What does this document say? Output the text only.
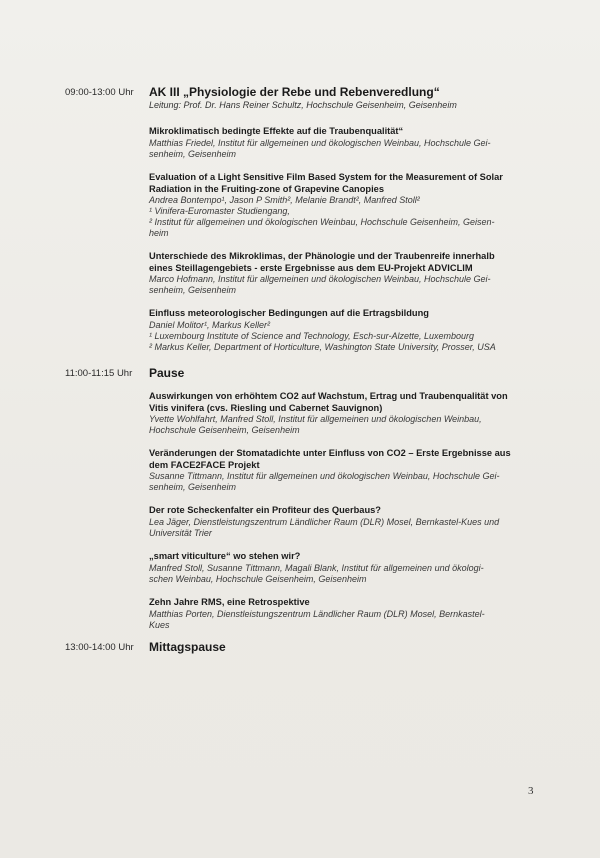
09:00-13:00 Uhr	AK III „Physiologie der Rebe und Rebenveredlung“
Leitung: Prof. Dr. Hans Reiner Schultz, Hochschule Geisenheim, Geisenheim

Mikroklimatisch bedingte Effekte auf die Traubenqualität“

Matthias Friedel, Institut für allgemeinen und ökologischen Weinbau, Hochschule Gei-

senheim, Geisenheim

Evaluation of a Light Sensitive Film Based System for the Measurement of Solar

Radiation in the Fruiting-zone of Grapevine Canopies

Andrea Bontempo¹, Jason P Smith², Melanie Brandt², Manfred Stoll²

¹ Vinifera-Euromaster Studiengang,

² Institut für allgemeinen und ökologischen Weinbau, Hochschule Geisenheim, Geisen-

heim

Unterschiede des Mikroklimas, der Phänologie und der Traubenreife innerhalb

eines Steillagengebiets - erste Ergebnisse aus dem EU-Projekt ADVICLIM

Marco Hofmann, Institut für allgemeinen und ökologischen Weinbau, Hochschule Gei-

senheim, Geisenheim

Einfluss meteorologischer Bedingungen auf die Ertragsbildung

Daniel Molitor¹, Markus Keller²

¹ Luxembourg Institute of Science and Technology, Esch-sur-Alzette, Luxembourg

² Markus Keller, Department of Horticulture, Washington State University, Prosser, USA

11:00-11:15 Uhr	Pause

Auswirkungen von erhöhtem CO2 auf Wachstum, Ertrag und Traubenqualität von

Vitis vinifera (cvs. Riesling und Cabernet Sauvignon)

Yvette Wohlfahrt, Manfred Stoll, Institut für allgemeinen und ökologischen Weinbau,

Hochschule Geisenheim, Geisenheim

Veränderungen der Stomatadichte unter Einfluss von CO2 – Erste Ergebnisse aus

dem FACE2FACE Projekt

Susanne Tittmann, Institut für allgemeinen und ökologischen Weinbau, Hochschule Gei-

senheim, Geisenheim

Der rote Scheckenfalter ein Profiteur des Querbaus?

Lea Jäger, Dienstleistungszentrum Ländlicher Raum (DLR) Mosel, Bernkastel-Kues und

Universität Trier

„smart viticulture“ wo stehen wir?

Manfred Stoll, Susanne Tittmann, Magali Blank, Institut für allgemeinen und ökologi-

schen Weinbau, Hochschule Geisenheim, Geisenheim

Zehn Jahre RMS, eine Retrospektive

Matthias Porten, Dienstleistungszentrum Ländlicher Raum (DLR) Mosel, Bernkastel-

Kues

13:00-14:00 Uhr	Mittagspause
3
